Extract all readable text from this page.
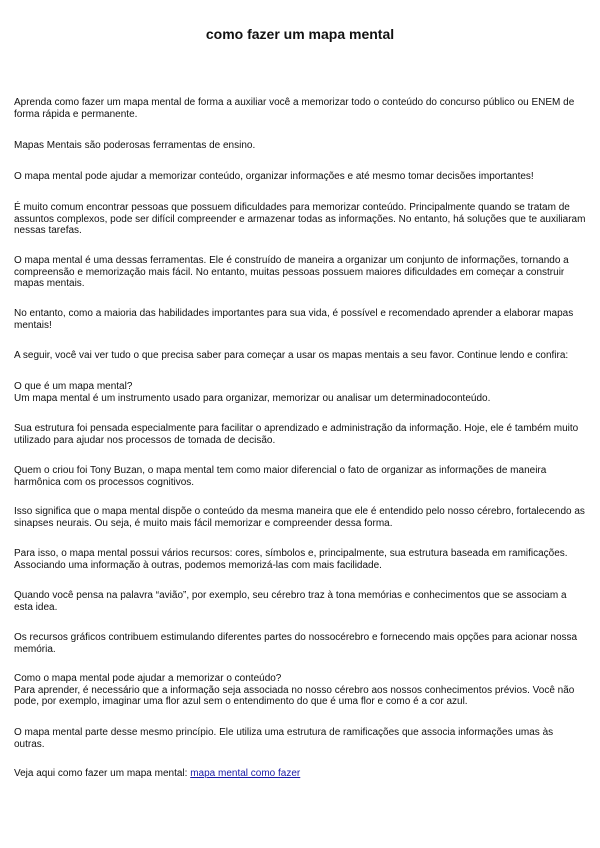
como fazer um mapa mental

Aprenda como fazer um mapa mental de forma a auxiliar você a memorizar todo o conteúdo do concurso público ou ENEM de forma rápida e permanente.

Mapas Mentais são poderosas ferramentas de ensino.

O mapa mental pode ajudar a memorizar conteúdo, organizar informações e até mesmo tomar decisões importantes!

É muito comum encontrar pessoas que possuem dificuldades para memorizar conteúdo. Principalmente quando se tratam de assuntos complexos, pode ser difícil compreender e armazenar todas as informações. No entanto, há soluções que te auxiliaram nessas tarefas.

O mapa mental é uma dessas ferramentas. Ele é construído de maneira a organizar um conjunto de informações, tornando a compreensão e memorização mais fácil. No entanto, muitas pessoas possuem maiores dificuldades em começar a construir mapas mentais.

No entanto, como a maioria das habilidades importantes para sua vida, é possível e recomendado aprender a elaborar mapas mentais!

A seguir, você vai ver tudo o que precisa saber para começar a usar os mapas mentais a seu favor. Continue lendo e confira:

O que é um mapa mental?
Um mapa mental é um instrumento usado para organizar, memorizar ou analisar um determinadoconteúdo.

Sua estrutura foi pensada especialmente para facilitar o aprendizado e administração da informação. Hoje, ele é também muito utilizado para ajudar nos processos de tomada de decisão.

Quem o criou foi Tony Buzan, o mapa mental tem como maior diferencial o fato de organizar as informações de maneira harmônica com os processos cognitivos.

Isso significa que o mapa mental dispõe o conteúdo da mesma maneira que ele é entendido pelo nosso cérebro, fortalecendo as sinapses neurais. Ou seja, é muito mais fácil memorizar e compreender dessa forma.

Para isso, o mapa mental possui vários recursos: cores, símbolos e, principalmente, sua estrutura baseada em ramificações. Associando uma informação à outras, podemos memorizá-las com mais facilidade.

Quando você pensa na palavra “avião”, por exemplo, seu cérebro traz à tona memórias e conhecimentos que se associam a esta idea.

Os recursos gráficos contribuem estimulando diferentes partes do nossocérebro e fornecendo mais opções para acionar nossa memória.

Como o mapa mental pode ajudar a memorizar o conteúdo?
Para aprender, é necessário que a informação seja associada no nosso cérebro aos nossos conhecimentos prévios. Você não pode, por exemplo, imaginar uma flor azul sem o entendimento do que é uma flor e como é a cor azul.

O mapa mental parte desse mesmo princípio. Ele utiliza uma estrutura de ramificações que associa informações umas às outras.

Veja aqui como fazer um mapa mental: mapa mental como fazer
